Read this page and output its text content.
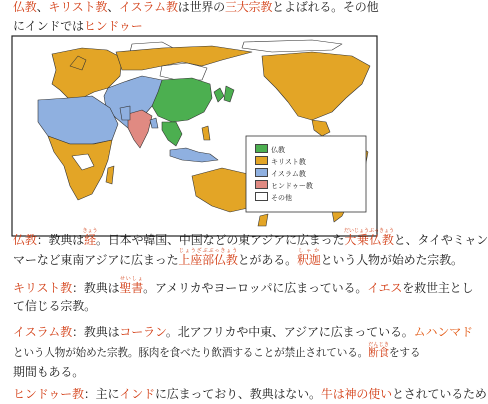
仏教、キリスト教、イスラム教は世界の三大宗教とよばれる。その他にインドではヒンドゥー

仏教
キリスト教
イスラム教
ヒンドゥー教
その他
仏教：教典は経きょう。日本や韓国、中国などの東アジアに広まった大乗仏教だいじょうぶっきょうと、タイやミャン
マーなど東南アジアに広まった上座部仏教じょうざぶぶっきょうとがある。釈迦しゃかという人物が始めた宗教。
キリスト教：教典は聖書せいしょ。アメリカやヨーロッパに広まっている。イエスを救世主とし
て信じる宗教。
イスラム教：教典はコーラン。北アフリカや中東、アジアに広まっている。ムハンマド
という人物が始めた宗教。豚肉を食べたり飲酒することが禁止されている。断食だんじきをする
期間もある。
ヒンドゥー教：主にインドに広まっており、教典はない。牛は神の使いとされているため
